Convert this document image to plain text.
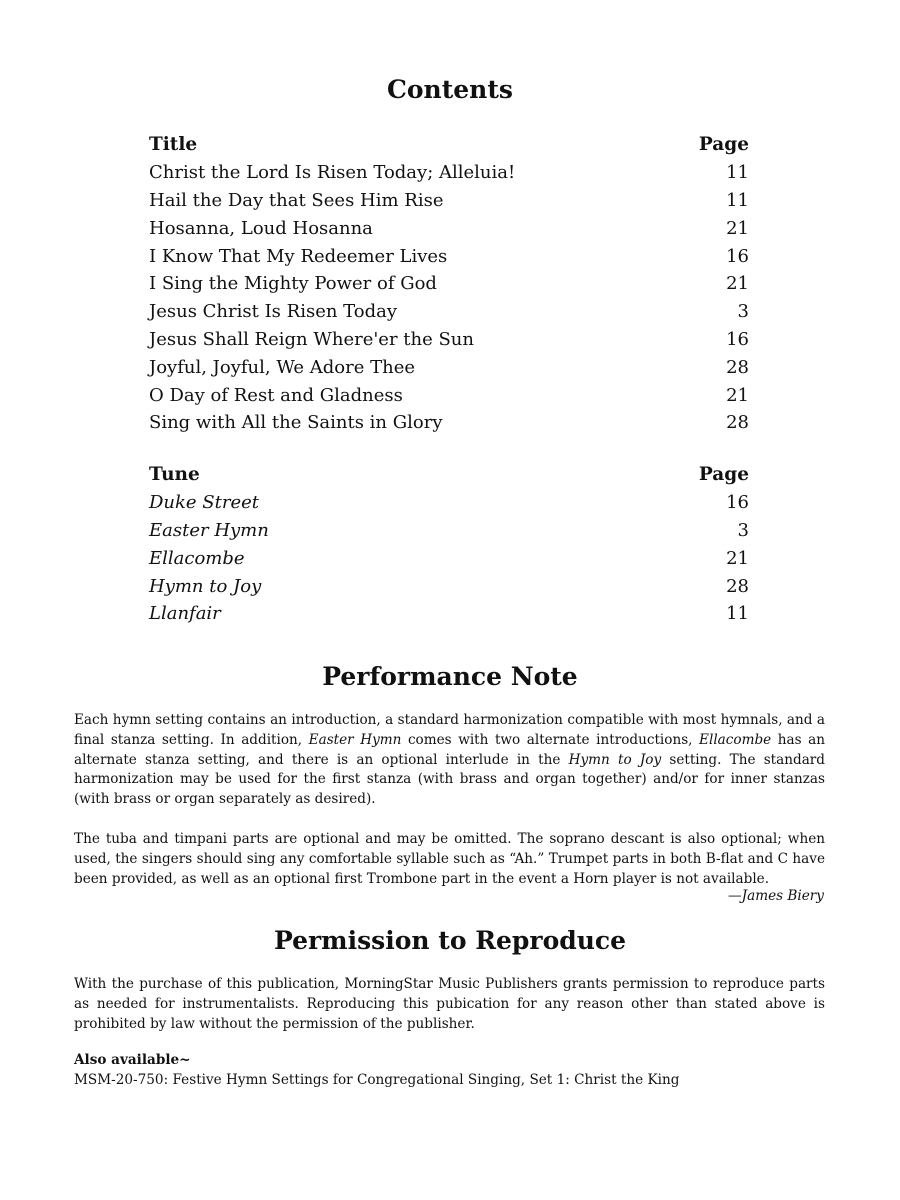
Contents
Title	Page
Christ the Lord Is Risen Today; Alleluia!	11
Hail the Day that Sees Him Rise	11
Hosanna, Loud Hosanna	21
I Know That My Redeemer Lives	16
I Sing the Mighty Power of God	21
Jesus Christ Is Risen Today	3
Jesus Shall Reign Where'er the Sun	16
Joyful, Joyful, We Adore Thee	28
O Day of Rest and Gladness	21
Sing with All the Saints in Glory	28
Tune	Page
Duke Street	16
Easter Hymn	3
Ellacombe	21
Hymn to Joy	28
Llanfair	11
Performance Note

Each hymn setting contains an introduction, a standard harmonization compatible with most hymnals, and a final stanza setting. In addition, Easter Hymn comes with two alternate introductions, Ellacombe has an alternate stanza setting, and there is an optional interlude in the Hymn to Joy setting. The standard harmonization may be used for the first stanza (with brass and organ together) and/or for inner stanzas (with brass or organ separately as desired).

The tuba and timpani parts are optional and may be omitted. The soprano descant is also optional; when used, the singers should sing any comfortable syllable such as “Ah.” Trumpet parts in both B-flat and C have been provided, as well as an optional first Trombone part in the event a Horn player is not available.

—James Biery

Permission to Reproduce

With the purchase of this publication, MorningStar Music Publishers grants permission to reproduce parts as needed for instrumentalists. Reproducing this pubication for any reason other than stated above is prohibited by law without the permission of the publisher.

Also available~

MSM-20-750: Festive Hymn Settings for Congregational Singing, Set 1: Christ the King
